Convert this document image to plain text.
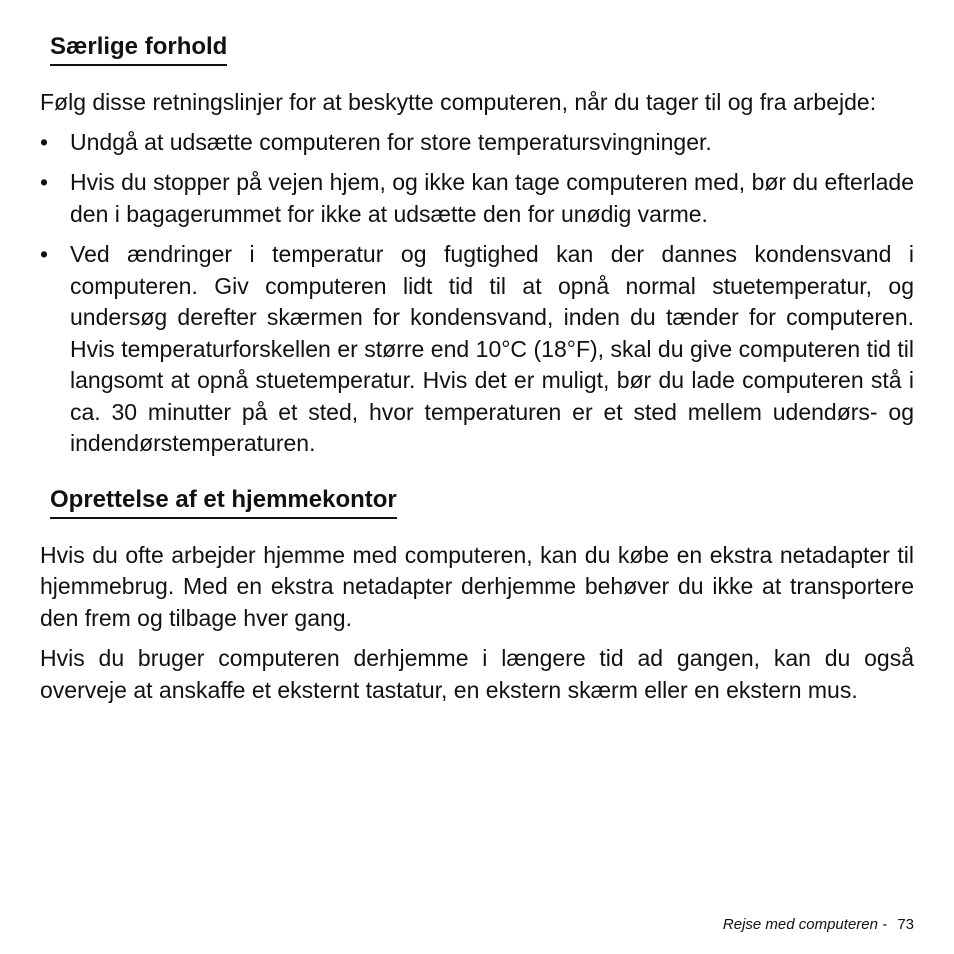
Særlige forhold

Følg disse retningslinjer for at beskytte computeren, når du tager til og fra arbejde:

• Undgå at udsætte computeren for store temperatursvingninger.
• Hvis du stopper på vejen hjem, og ikke kan tage computeren med, bør du efterlade den i bagagerummet for ikke at udsætte den for unødig varme.
• Ved ændringer i temperatur og fugtighed kan der dannes kondensvand i computeren. Giv computeren lidt tid til at opnå normal stuetemperatur, og undersøg derefter skærmen for kondensvand, inden du tænder for computeren. Hvis temperaturforskellen er større end 10°C (18°F), skal du give computeren tid til langsomt at opnå stuetemperatur. Hvis det er muligt, bør du lade computeren stå i ca. 30 minutter på et sted, hvor temperaturen er et sted mellem udendørs- og indendørstemperaturen.
Oprettelse af et hjemmekontor

Hvis du ofte arbejder hjemme med computeren, kan du købe en ekstra netadapter til hjemmebrug. Med en ekstra netadapter derhjemme behøver du ikke at transportere den frem og tilbage hver gang.

Hvis du bruger computeren derhjemme i længere tid ad gangen, kan du også overveje at anskaffe et eksternt tastatur, en ekstern skærm eller en ekstern mus.

Rejse med computeren - 73
